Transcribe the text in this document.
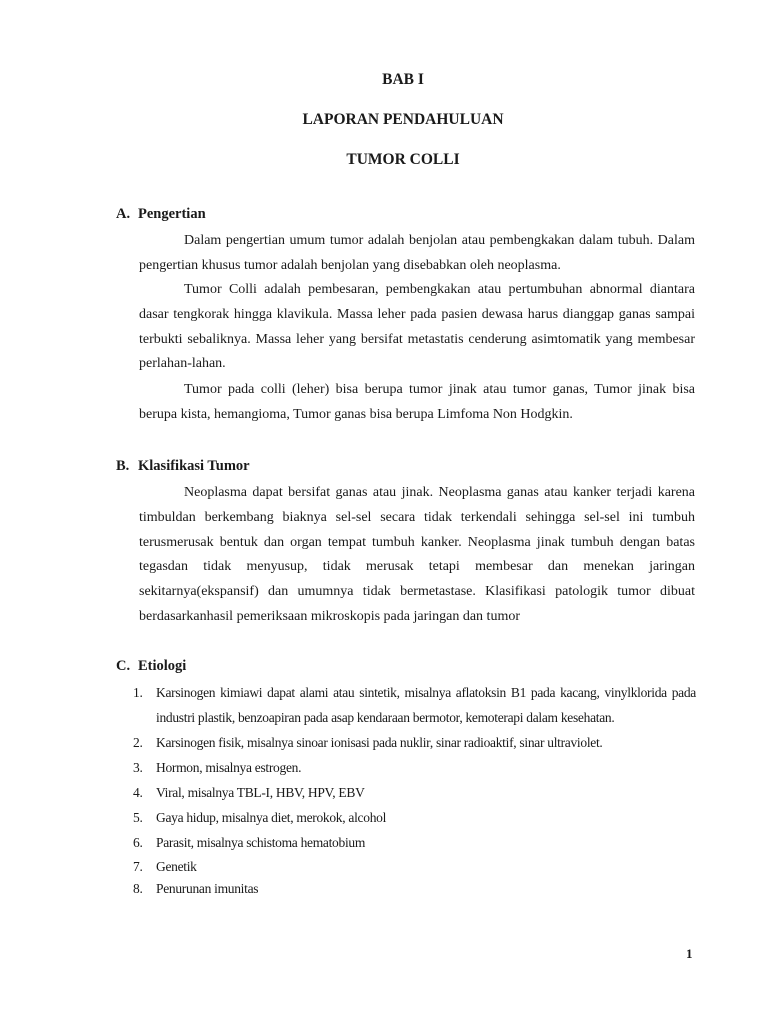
BAB I
LAPORAN PENDAHULUAN
TUMOR COLLI
A. Pengertian

Dalam pengertian umum tumor adalah benjolan atau pembengkakan dalam tubuh. Dalam pengertian khusus tumor adalah benjolan yang disebabkan oleh neoplasma.

Tumor Colli adalah pembesaran, pembengkakan atau pertumbuhan abnormal diantara dasar tengkorak hingga klavikula. Massa leher pada pasien dewasa harus dianggap ganas sampai terbukti sebaliknya. Massa leher yang bersifat metastatis cenderung asimtomatik yang membesar perlahan-lahan.

Tumor pada colli (leher) bisa berupa tumor jinak atau tumor ganas, Tumor jinak bisa berupa kista, hemangioma, Tumor ganas bisa berupa Limfoma Non Hodgkin.

B. Klasifikasi Tumor

Neoplasma dapat bersifat ganas atau jinak. Neoplasma ganas atau kanker terjadi karena timbuldan berkembang biaknya sel-sel secara tidak terkendali sehingga sel-sel ini tumbuh terusmerusak bentuk dan organ tempat tumbuh kanker. Neoplasma jinak tumbuh dengan batas tegasdan tidak menyusup, tidak merusak tetapi membesar dan menekan jaringan sekitarnya(ekspansif) dan umumnya tidak bermetastase. Klasifikasi patologik tumor dibuat berdasarkanhasil pemeriksaan mikroskopis pada jaringan dan tumor

C. Etiologi
1. Karsinogen kimiawi dapat alami atau sintetik, misalnya aflatoksin B1 pada kacang, vinylklorida pada industri plastik, benzoapiran pada asap kendaraan bermotor, kemoterapi dalam kesehatan.
2. Karsinogen fisik, misalnya sinoar ionisasi pada nuklir, sinar radioaktif, sinar ultraviolet.
3. Hormon, misalnya estrogen.
4. Viral, misalnya TBL-I, HBV, HPV, EBV
5. Gaya hidup, misalnya diet, merokok, alcohol
6. Parasit, misalnya schistoma hematobium
7. Genetik
8. Penurunan imunitas
1
